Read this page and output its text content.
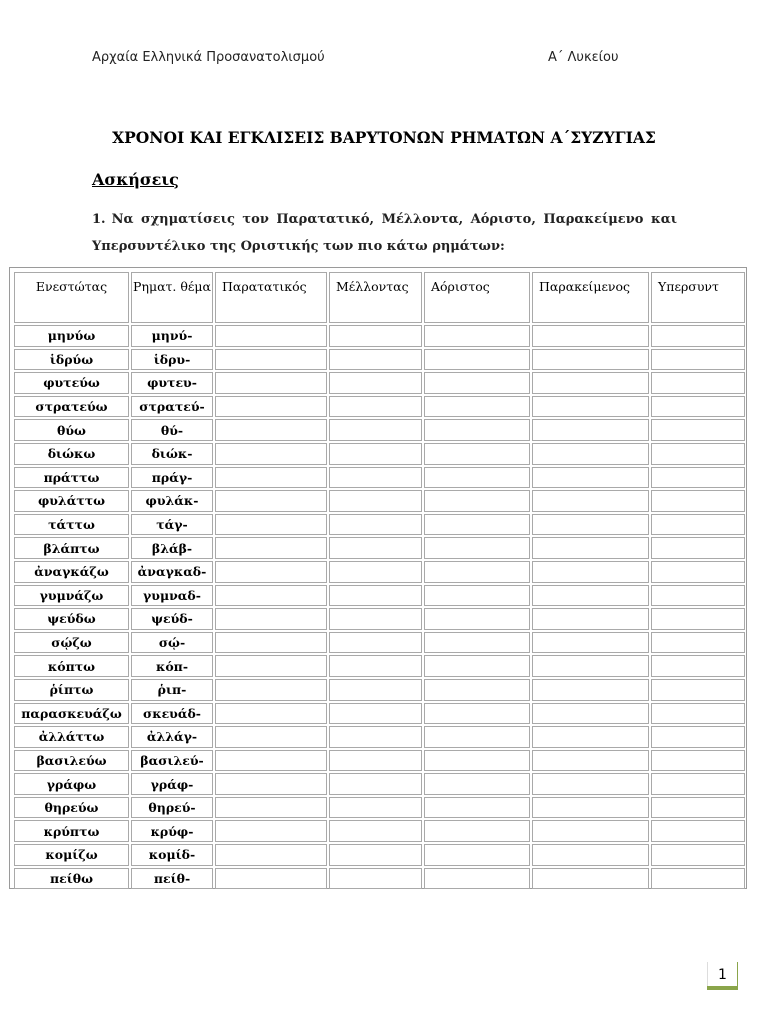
Αρχαία Ελληνικά Προσανατολισμού	Α΄ Λυκείου
ΧΡΟΝΟΙ ΚΑΙ ΕΓΚΛΙΣΕΙΣ ΒΑΡΥΤΟΝΩΝ ΡΗΜΑΤΩΝ Α΄ΣΥΖΥΓΙΑΣ
Ασκήσεις
1. Να σχηματίσεις τον Παρατατικό, Μέλλοντα, Αόριστο, Παρακείμενο και Υπερσυντέλικο της Οριστικής των πιο κάτω ρημάτων:
Ενεστώτας	Ρηματ. θέμα	Παρατατικός	Μέλλοντας	Αόριστος	Παρακείμενος	Υπερσυντ
μηνύω	μηνύ-					
ἱδρύω	ἱδρυ-					
φυτεύω	φυτευ-					
στρατεύω	στρατεύ-					
θύω	θύ-					
διώκω	διώκ-					
πράττω	πράγ-					
φυλάττω	φυλάκ-					
τάττω	τάγ-					
βλάπτω	βλάβ-					
ἀναγκάζω	ἀναγκαδ-					
γυμνάζω	γυμναδ-					
ψεύδω	ψεύδ-					
σῴζω	σῴ-					
κόπτω	κόπ-					
ῥίπτω	ῥιπ-					
παρασκευάζω	σκευάδ-					
ἀλλάττω	ἀλλάγ-					
βασιλεύω	βασιλεύ-					
γράφω	γράφ-					
θηρεύω	θηρεύ-					
κρύπτω	κρύφ-					
κομίζω	κομίδ-					
πείθω	πείθ-					
1
